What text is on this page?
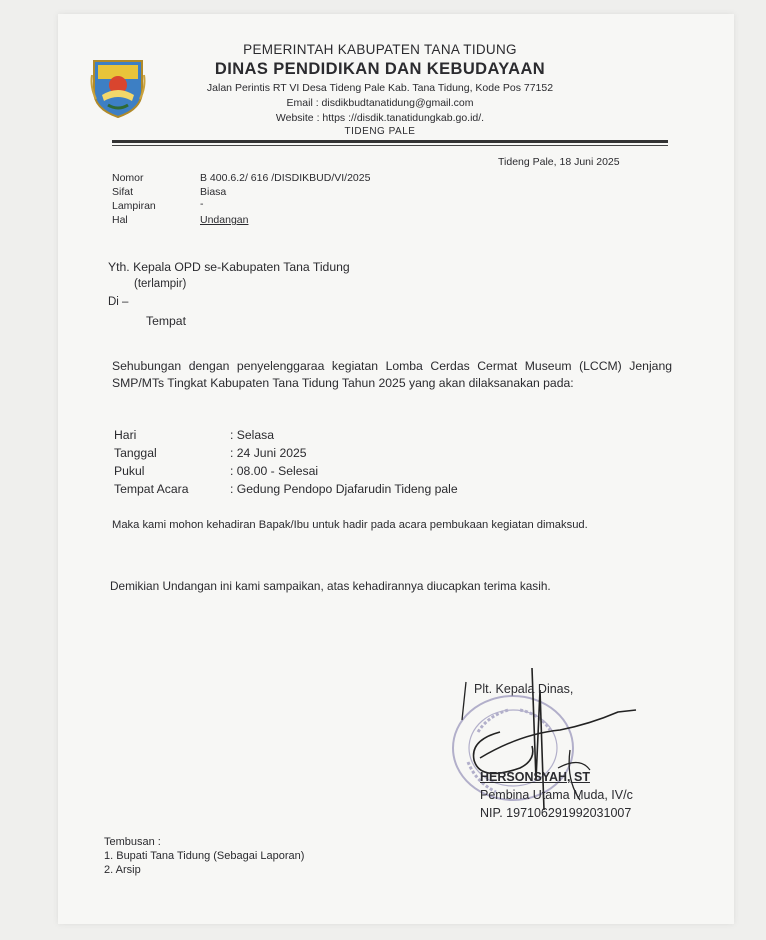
PEMERINTAH KABUPATEN TANA TIDUNG
DINAS PENDIDIKAN DAN KEBUDAYAAN
Jalan Perintis RT VI Desa Tideng Pale Kab. Tana Tidung, Kode Pos 77152
Email : disdikbudtanatidung@gmail.com
Website : https ://disdik.tanatidungkab.go.id/.
TIDENG PALE
Tideng Pale, 18 Juni 2025
Nomor	B 400.6.2/ 616 /DISDIKBUD/VI/2025
Sifat	Biasa
Lampiran	-
Hal	Undangan
Yth. Kepala OPD se-Kabupaten Tana Tidung
(terlampir)
Di –
Tempat
Sehubungan dengan penyelenggaraa kegiatan Lomba Cerdas Cermat Museum (LCCM) Jenjang SMP/MTs Tingkat Kabupaten Tana Tidung Tahun 2025 yang akan dilaksanakan pada:
Hari	: Selasa
Tanggal	: 24 Juni 2025
Pukul	: 08.00 - Selesai
Tempat Acara	: Gedung Pendopo Djafarudin Tideng pale
Maka kami mohon kehadiran Bapak/Ibu untuk hadir pada acara pembukaan kegiatan dimaksud.
Demikian Undangan ini kami sampaikan, atas kehadirannya diucapkan terima kasih.
Plt. Kepala Dinas,
HERSONSYAH, ST
Pembina Utama Muda, IV/c
NIP. 197106291992031007
Tembusan :
1. Bupati Tana Tidung (Sebagai Laporan)
2. Arsip
